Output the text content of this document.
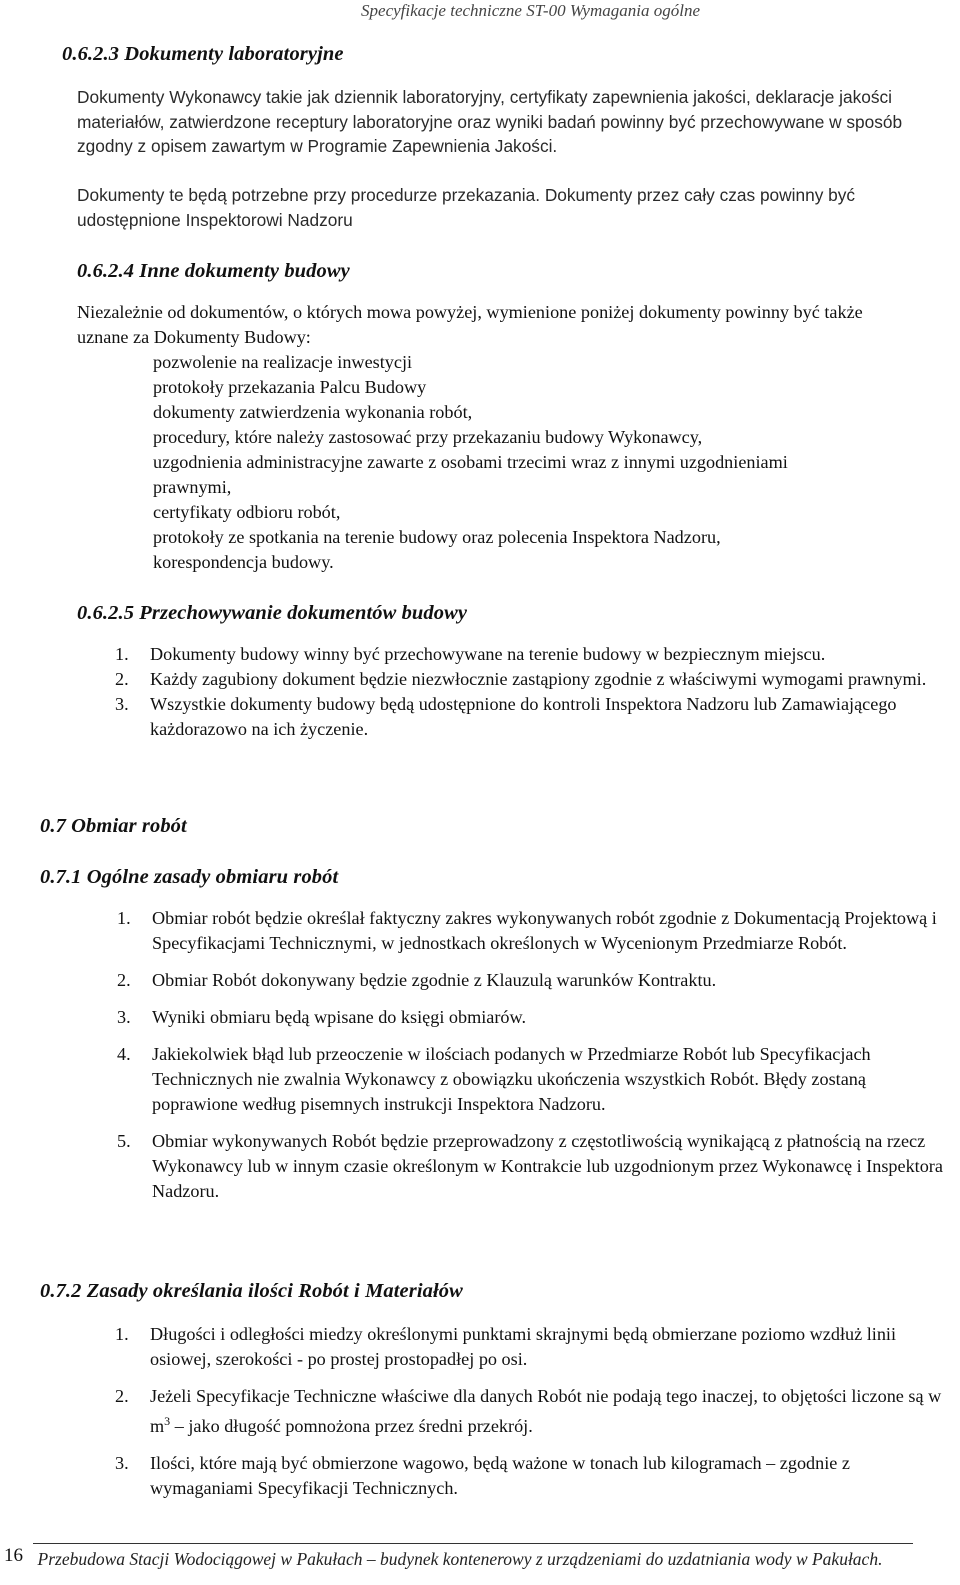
Specyfikacje techniczne ST-00 Wymagania ogólne
0.6.2.3 Dokumenty laboratoryjne
Dokumenty Wykonawcy takie jak dziennik laboratoryjny, certyfikaty zapewnienia jakości, deklaracje jakości materiałów, zatwierdzone receptury laboratoryjne oraz wyniki badań powinny być przechowywane w sposób zgodny z opisem zawartym w Programie Zapewnienia Jakości.
Dokumenty te będą potrzebne przy procedurze przekazania. Dokumenty przez cały czas powinny być udostępnione Inspektorowi Nadzoru
0.6.2.4 Inne dokumenty budowy
Niezależnie od dokumentów, o których mowa powyżej, wymienione poniżej dokumenty powinny być także uznane za Dokumenty Budowy:
pozwolenie na realizacje inwestycji
protokoły przekazania Palcu Budowy
dokumenty zatwierdzenia wykonania robót,
procedury, które należy zastosować przy przekazaniu budowy Wykonawcy,
uzgodnienia administracyjne zawarte z osobami trzecimi wraz z innymi uzgodnieniami prawnymi,
certyfikaty odbioru robót,
protokoły ze spotkania na terenie budowy oraz polecenia Inspektora Nadzoru,
korespondencja budowy.
0.6.2.5 Przechowywanie dokumentów budowy
1. Dokumenty budowy winny być przechowywane na terenie budowy w bezpiecznym miejscu.
2. Każdy zagubiony dokument będzie niezwłocznie zastąpiony zgodnie z właściwymi wymogami prawnymi.
3. Wszystkie dokumenty budowy będą udostępnione do kontroli Inspektora Nadzoru lub Zamawiającego każdorazowo na ich życzenie.
0.7 Obmiar robót
0.7.1 Ogólne zasady obmiaru robót
1. Obmiar robót będzie określał faktyczny zakres wykonywanych robót zgodnie z Dokumentacją Projektową i Specyfikacjami Technicznymi, w jednostkach określonych w Wycenionym Przedmiarze Robót.
2. Obmiar Robót dokonywany będzie zgodnie z Klauzulą warunków Kontraktu.
3. Wyniki obmiaru będą wpisane do księgi obmiarów.
4. Jakiekolwiek błąd lub przeoczenie w ilościach podanych w Przedmiarze Robót lub Specyfikacjach Technicznych nie zwalnia Wykonawcy z obowiązku ukończenia wszystkich Robót. Błędy zostaną poprawione według pisemnych instrukcji Inspektora Nadzoru.
5. Obmiar wykonywanych Robót będzie przeprowadzony z częstotliwością wynikającą z płatnością na rzecz Wykonawcy lub w innym czasie określonym w Kontrakcie lub uzgodnionym przez Wykonawcę i Inspektora Nadzoru.
0.7.2 Zasady określania ilości Robót i Materiałów
1. Długości i odległości miedzy określonymi punktami skrajnymi będą obmierzane poziomo wzdłuż linii osiowej, szerokości - po prostej prostopadłej po osi.
2. Jeżeli Specyfikacje Techniczne właściwe dla danych Robót nie podają tego inaczej, to objętości liczone są w $m^3$ – jako długość pomnożona przez średni przekrój.
3. Ilości, które mają być obmierzone wagowo, będą ważone w tonach lub kilogramach – zgodnie z wymaganiami Specyfikacji Technicznych.
16 Przebudowa Stacji Wodociągowej w Pakułach – budynek kontenerowy z urządzeniami do uzdatniania wody w Pakułach.
